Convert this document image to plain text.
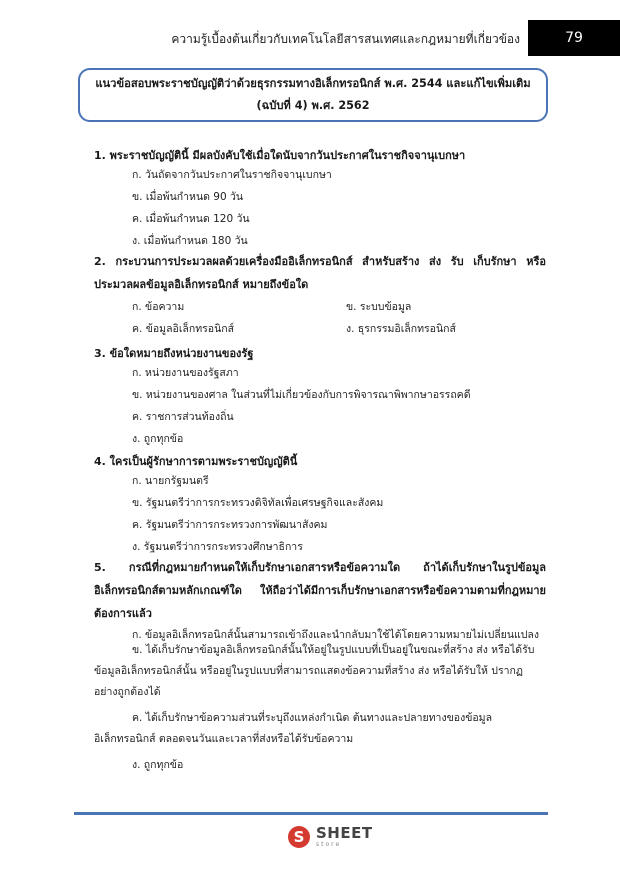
ความรู้เบื้องต้นเกี่ยวกับเทคโนโลยีสารสนเทศและกฎหมายที่เกี่ยวข้อง	79
แนวข้อสอบพระราชบัญญัติว่าด้วยธุรกรรมทางอิเล็กทรอนิกส์ พ.ศ. 2544 และแก้ไขเพิ่มเติม (ฉบับที่ 4) พ.ศ. 2562
1. พระราชบัญญัตินี้ มีผลบังคับใช้เมื่อใดนับจากวันประกาศในราชกิจจานุเบกษา
ก. วันถัดจากวันประกาศในราชกิจจานุเบกษา
ข. เมื่อพ้นกำหนด 90 วัน
ค. เมื่อพ้นกำหนด 120 วัน
ง. เมื่อพ้นกำหนด 180 วัน
2. กระบวนการประมวลผลด้วยเครื่องมืออิเล็กทรอนิกส์ สำหรับสร้าง ส่ง รับ เก็บรักษา หรือประมวลผลข้อมูลอิเล็กทรอนิกส์ หมายถึงข้อใด
ก. ข้อความ	ข. ระบบข้อมูล
ค. ข้อมูลอิเล็กทรอนิกส์	ง. ธุรกรรมอิเล็กทรอนิกส์
3. ข้อใดหมายถึงหน่วยงานของรัฐ
ก. หน่วยงานของรัฐสภา
ข. หน่วยงานของศาล ในส่วนที่ไม่เกี่ยวข้องกับการพิจารณาพิพากษาอรรถคดี
ค. ราชการส่วนท้องถิ่น
ง. ถูกทุกข้อ
4. ใครเป็นผู้รักษาการตามพระราชบัญญัตินี้
ก. นายกรัฐมนตรี
ข. รัฐมนตรีว่าการกระทรวงดิจิทัลเพื่อเศรษฐกิจและสังคม
ค. รัฐมนตรีว่าการกระทรวงการพัฒนาสังคม
ง. รัฐมนตรีว่าการกระทรวงศึกษาธิการ
5. กรณีที่กฎหมายกำหนดให้เก็บรักษาเอกสารหรือข้อความใด ถ้าได้เก็บรักษาในรูปข้อมูลอิเล็กทรอนิกส์ตามหลักเกณฑ์ใด ให้ถือว่าได้มีการเก็บรักษาเอกสารหรือข้อความตามที่กฎหมายต้องการแล้ว
ก. ข้อมูลอิเล็กทรอนิกส์นั้นสามารถเข้าถึงและนำกลับมาใช้ได้โดยความหมายไม่เปลี่ยนแปลง
ข. ได้เก็บรักษาข้อมูลอิเล็กทรอนิกส์นั้นให้อยู่ในรูปแบบที่เป็นอยู่ในขณะที่สร้าง ส่ง หรือได้รับข้อมูลอิเล็กทรอนิกส์นั้น หรืออยู่ในรูปแบบที่สามารถแสดงข้อความที่สร้าง ส่ง หรือได้รับให้ ปรากฏอย่างถูกต้องได้
ค. ได้เก็บรักษาข้อความส่วนที่ระบุถึงแหล่งกำเนิด ต้นทางและปลายทางของข้อมูลอิเล็กทรอนิกส์ ตลอดจนวันและเวลาที่ส่งหรือได้รับข้อความ
ง. ถูกทุกข้อ
S
SHEET
store
